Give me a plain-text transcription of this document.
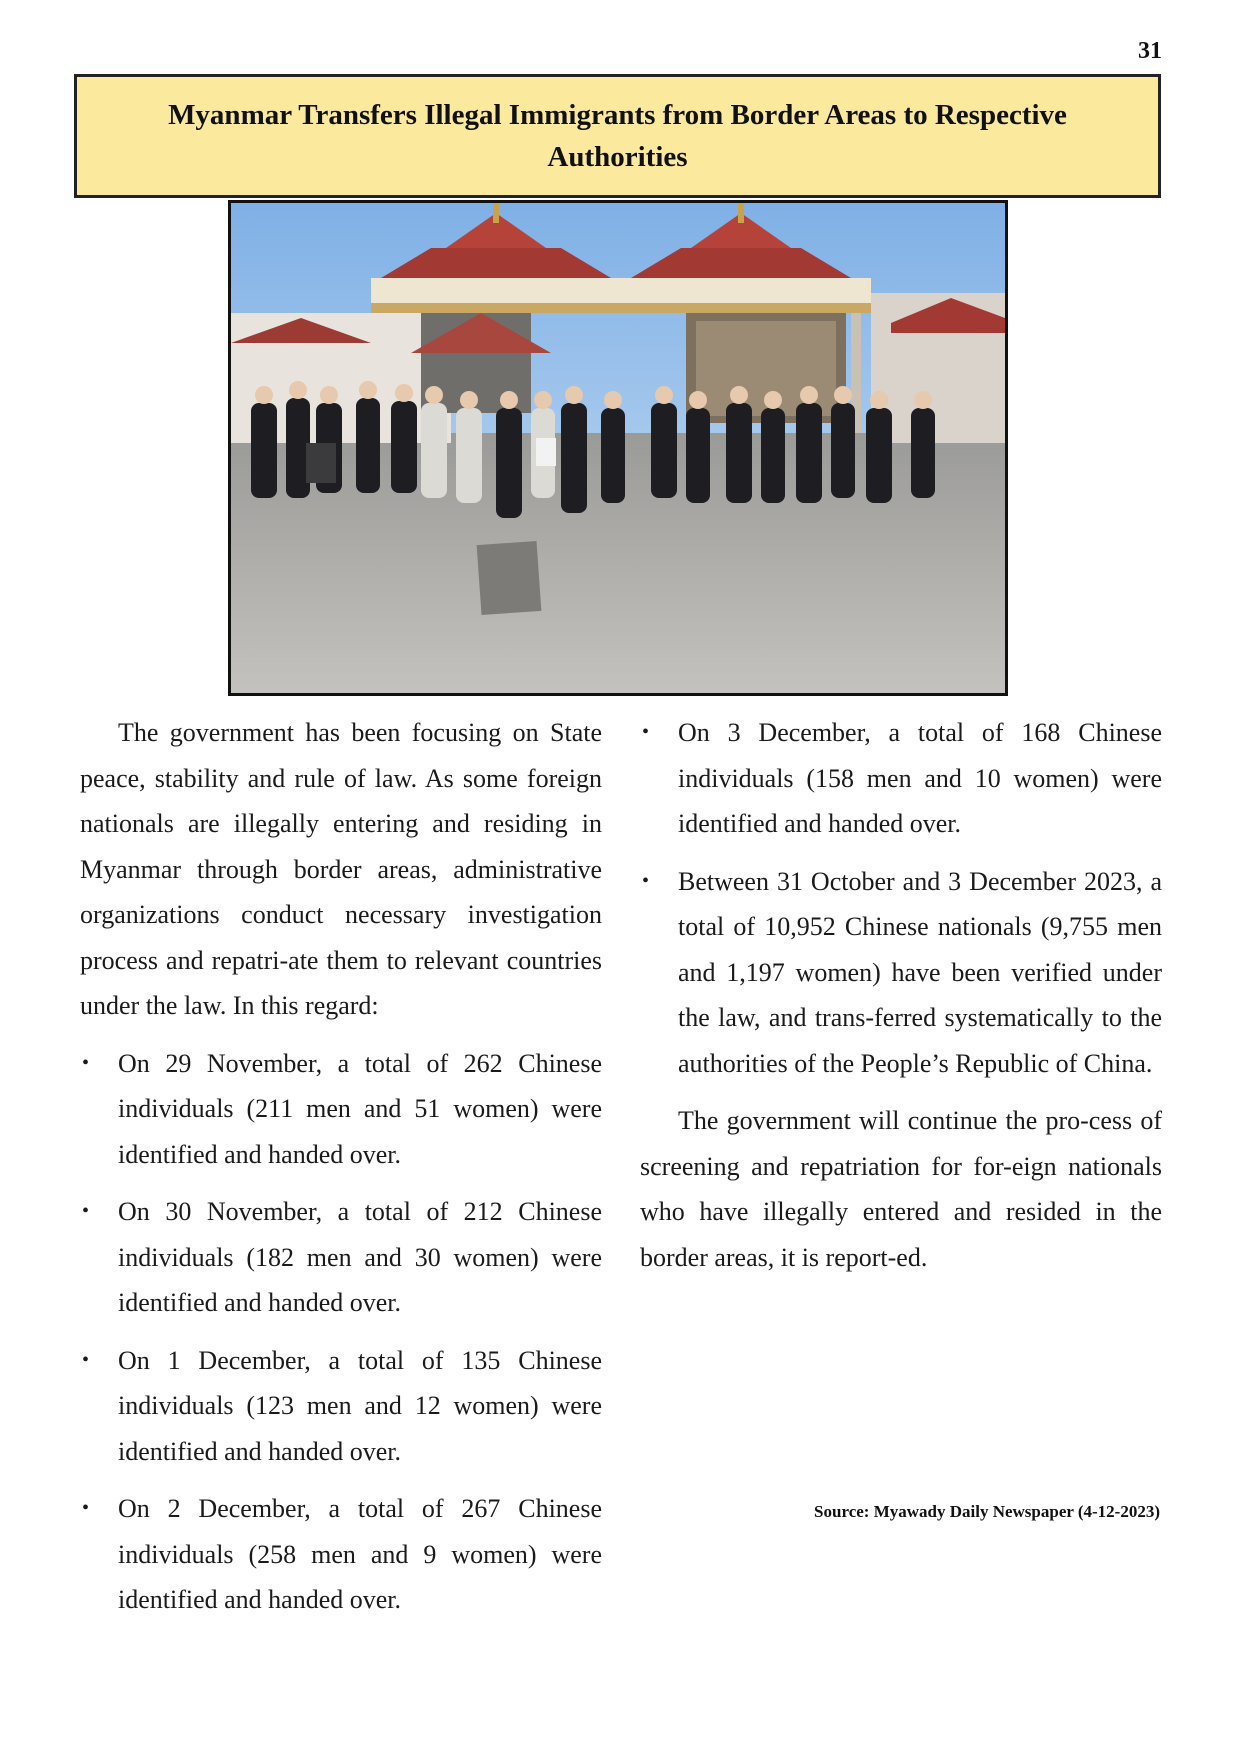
31
Myanmar Transfers Illegal Immigrants from Border Areas to Respective Authorities

The government has been focusing on State peace, stability and rule of law. As some foreign nationals are illegally entering and residing in Myanmar through border areas, administrative organizations conduct necessary investigation process and repatri-ate them to relevant countries under the law. In this regard:

• On 29 November, a total of 262 Chinese individuals (211 men and 51 women) were identified and handed over.
• On 30 November, a total of 212 Chinese individuals (182 men and 30 women) were identified and handed over.
• On 1 December, a total of 135 Chinese individuals (123 men and 12 women) were identified and handed over.
• On 2 December, a total of 267 Chinese individuals (258 men and 9 women) were identified and handed over.
• On 3 December, a total of 168 Chinese individuals (158 men and 10 women) were identified and handed over.
• Between 31 October and 3 December 2023, a total of 10,952 Chinese nationals (9,755 men and 1,197 women) have been verified under the law, and trans-ferred systematically to the authorities of the People’s Republic of China.

The government will continue the pro-cess of screening and repatriation for for-eign nationals who have illegally entered and resided in the border areas, it is report-ed.

Source: Myawady Daily Newspaper (4-12-2023)
